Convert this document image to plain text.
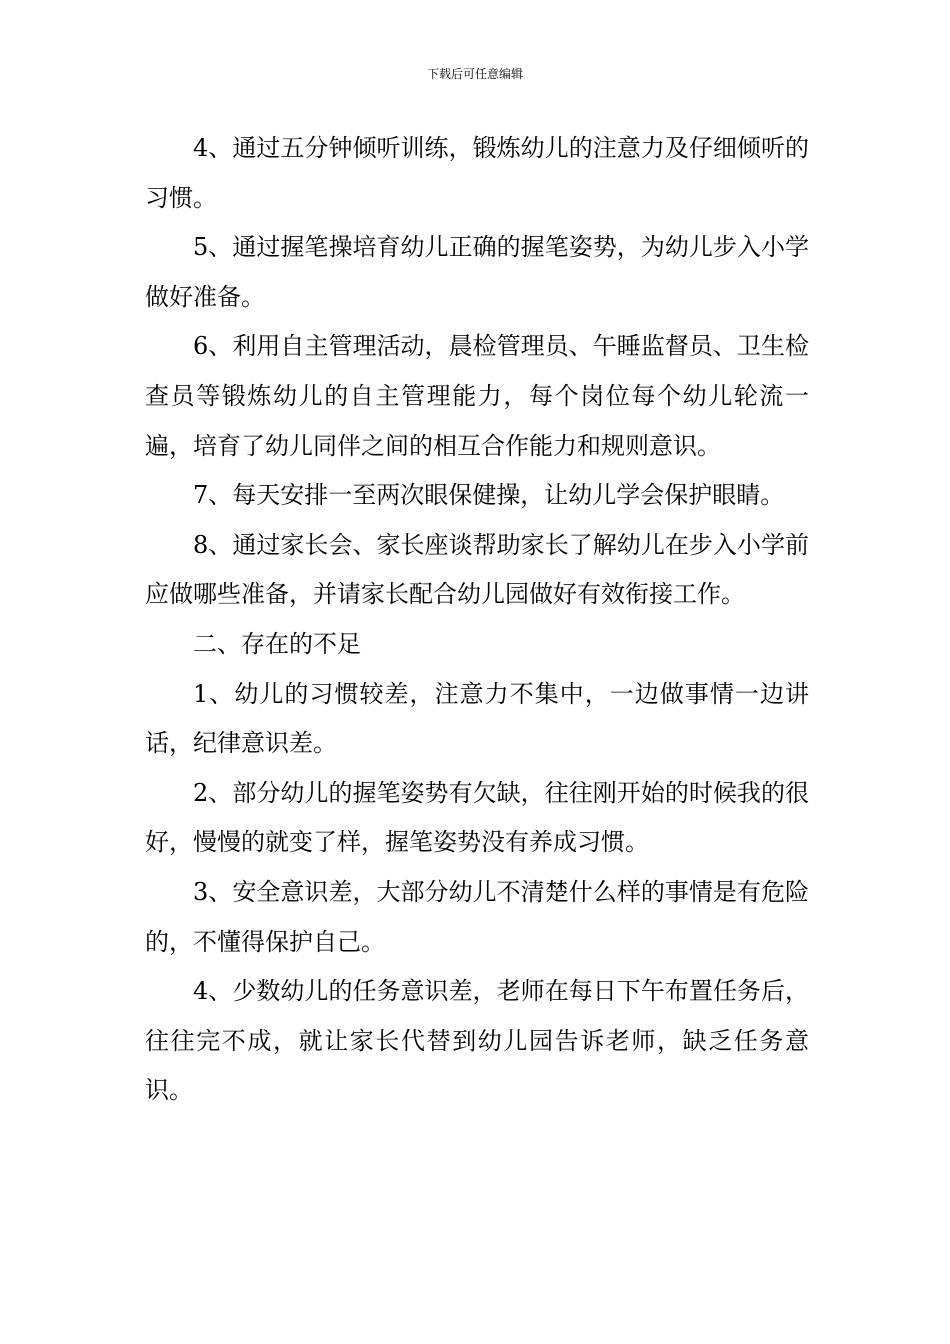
下载后可任意编辑

4、通过五分钟倾听训练，锻炼幼儿的注意力及仔细倾听的习惯。

5、通过握笔操培育幼儿正确的握笔姿势，为幼儿步入小学做好准备。

6、利用自主管理活动，晨检管理员、午睡监督员、卫生检查员等锻炼幼儿的自主管理能力，每个岗位每个幼儿轮流一遍，培育了幼儿同伴之间的相互合作能力和规则意识。

7、每天安排一至两次眼保健操，让幼儿学会保护眼睛。

8、通过家长会、家长座谈帮助家长了解幼儿在步入小学前应做哪些准备，并请家长配合幼儿园做好有效衔接工作。

二、存在的不足

1、幼儿的习惯较差，注意力不集中，一边做事情一边讲话，纪律意识差。

2、部分幼儿的握笔姿势有欠缺，往往刚开始的时候我的很好，慢慢的就变了样，握笔姿势没有养成习惯。

3、安全意识差，大部分幼儿不清楚什么样的事情是有危险的，不懂得保护自己。

4、少数幼儿的任务意识差，老师在每日下午布置任务后，往往完不成，就让家长代替到幼儿园告诉老师，缺乏任务意识。
